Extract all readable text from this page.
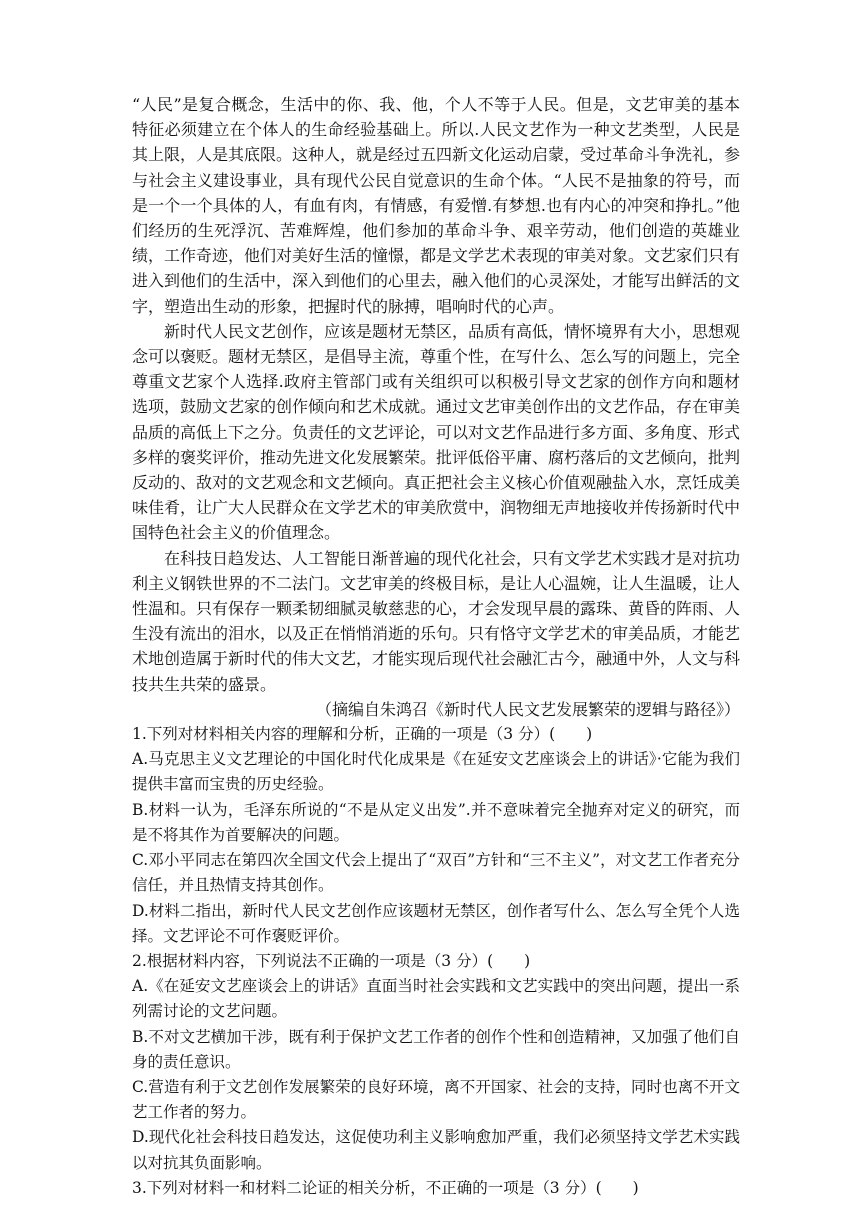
“人民”是复合概念，生活中的你、我、他，个人不等于人民。但是，文艺审美的基本特征必须建立在个体人的生命经验基础上。所以.人民文艺作为一种文艺类型，人民是其上限，人是其底限。这种人，就是经过五四新文化运动启蒙，受过革命斗争洗礼，参与社会主义建设事业，具有现代公民自觉意识的生命个体。“人民不是抽象的符号，而是一个一个具体的人，有血有肉，有情感，有爱憎.有梦想.也有内心的冲突和挣扎。”他们经历的生死浮沉、苦难辉煌，他们参加的革命斗争、艰辛劳动，他们创造的英雄业绩，工作奇迹，他们对美好生活的憧憬，都是文学艺术表现的审美对象。文艺家们只有进入到他们的生活中，深入到他们的心里去，融入他们的心灵深处，才能写出鲜活的文字，塑造出生动的形象，把握时代的脉搏，唱响时代的心声。

新时代人民文艺创作，应该是题材无禁区，品质有高低，情怀境界有大小，思想观念可以褒贬。题材无禁区，是倡导主流，尊重个性，在写什么、怎么写的问题上，完全尊重文艺家个人选择.政府主管部门或有关组织可以积极引导文艺家的创作方向和题材选项，鼓励文艺家的创作倾向和艺术成就。通过文艺审美创作出的文艺作品，存在审美品质的高低上下之分。负责任的文艺评论，可以对文艺作品进行多方面、多角度、形式多样的褒奖评价，推动先进文化发展繁荣。批评低俗平庸、腐朽落后的文艺倾向，批判反动的、敌对的文艺观念和文艺倾向。真正把社会主义核心价值观融盐入水，烹饪成美味佳肴，让广大人民群众在文学艺术的审美欣赏中，润物细无声地接收并传扬新时代中国特色社会主义的价值理念。

在科技日趋发达、人工智能日渐普遍的现代化社会，只有文学艺术实践才是对抗功利主义钢铁世界的不二法门。文艺审美的终极目标，是让人心温婉，让人生温暖，让人性温和。只有保存一颗柔韧细腻灵敏慈悲的心，才会发现早晨的露珠、黄昏的阵雨、人生没有流出的泪水，以及正在悄悄消逝的乐句。只有恪守文学艺术的审美品质，才能艺术地创造属于新时代的伟大文艺，才能实现后现代社会融汇古今，融通中外，人文与科技共生共荣的盛景。

（摘编自朱鸿召《新时代人民文艺发展繁荣的逻辑与路径》）

1.下列对材料相关内容的理解和分析，正确的一项是（3 分）(　　)

A.马克思主义文艺理论的中国化时代化成果是《在延安文艺座谈会上的讲话》·它能为我们提供丰富而宝贵的历史经验。

B.材料一认为，毛泽东所说的“不是从定义出发”.并不意味着完全抛弃对定义的研究，而是不将其作为首要解决的问题。

C.邓小平同志在第四次全国文代会上提出了“双百”方针和“三不主义”，对文艺工作者充分信任，并且热情支持其创作。

D.材料二指出，新时代人民文艺创作应该题材无禁区，创作者写什么、怎么写全凭个人选择。文艺评论不可作褒贬评价。

2.根据材料内容，下列说法不正确的一项是（3 分）(　　)

A.《在延安文艺座谈会上的讲话》直面当时社会实践和文艺实践中的突出问题，提出一系列需讨论的文艺问题。

B.不对文艺横加干涉，既有利于保护文艺工作者的创作个性和创造精神，又加强了他们自身的责任意识。

C.营造有利于文艺创作发展繁荣的良好环境，离不开国家、社会的支持，同时也离不开文艺工作者的努力。

D.现代化社会科技日趋发达，这促使功利主义影响愈加严重，我们必须坚持文学艺术实践以对抗其负面影响。

3.下列对材料一和材料二论证的相关分析，不正确的一项是（3 分）(　　)
